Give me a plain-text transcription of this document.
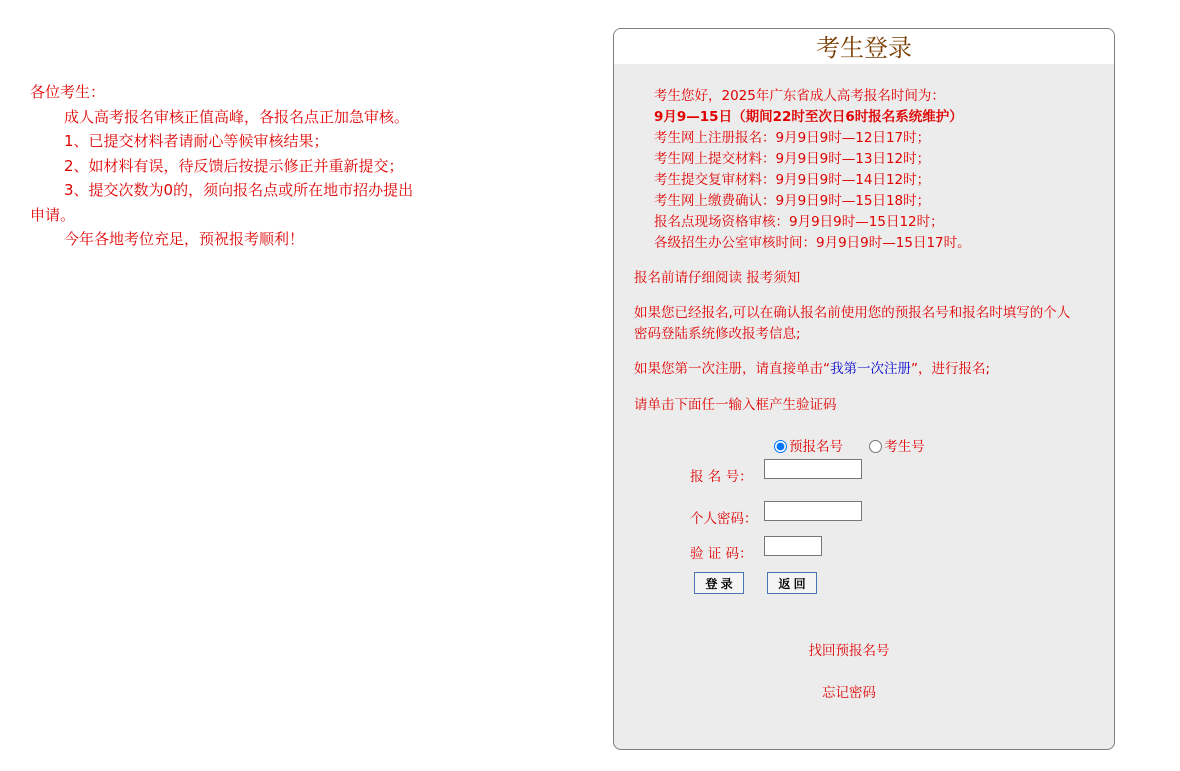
各位考生：

成人高考报名审核正值高峰，各报名点正加急审核。

1、已提交材料者请耐心等候审核结果；

2、如材料有误，待反馈后按提示修正并重新提交；

3、提交次数为0的，须向报名点或所在地市招办提出申请。

今年各地考位充足，预祝报考顺利！

考生登录
考生您好，2025年广东省成人高考报名时间为：
9月9—15日（期间22时至次日6时报名系统维护）
考生网上注册报名：9月9日9时—12日17时；
考生网上提交材料：9月9日9时—13日12时；
考生提交复审材料：9月9日9时—14日12时；
考生网上缴费确认：9月9日9时—15日18时；
报名点现场资格审核：9月9日9时—15日12时；
各级招生办公室审核时间：9月9日9时—15日17时。
报名前请仔细阅读 报考须知
如果您已经报名,可以在确认报名前使用您的预报名号和报名时填写的个人密码登陆系统修改报考信息;
如果您第一次注册，请直接单击“我第一次注册”，进行报名;
请单击下面任一输入框产生验证码
预报名号	考生号
报 名 号：
个人密码：
验 证 码：
登 录	返 回
找回预报名号
忘记密码
